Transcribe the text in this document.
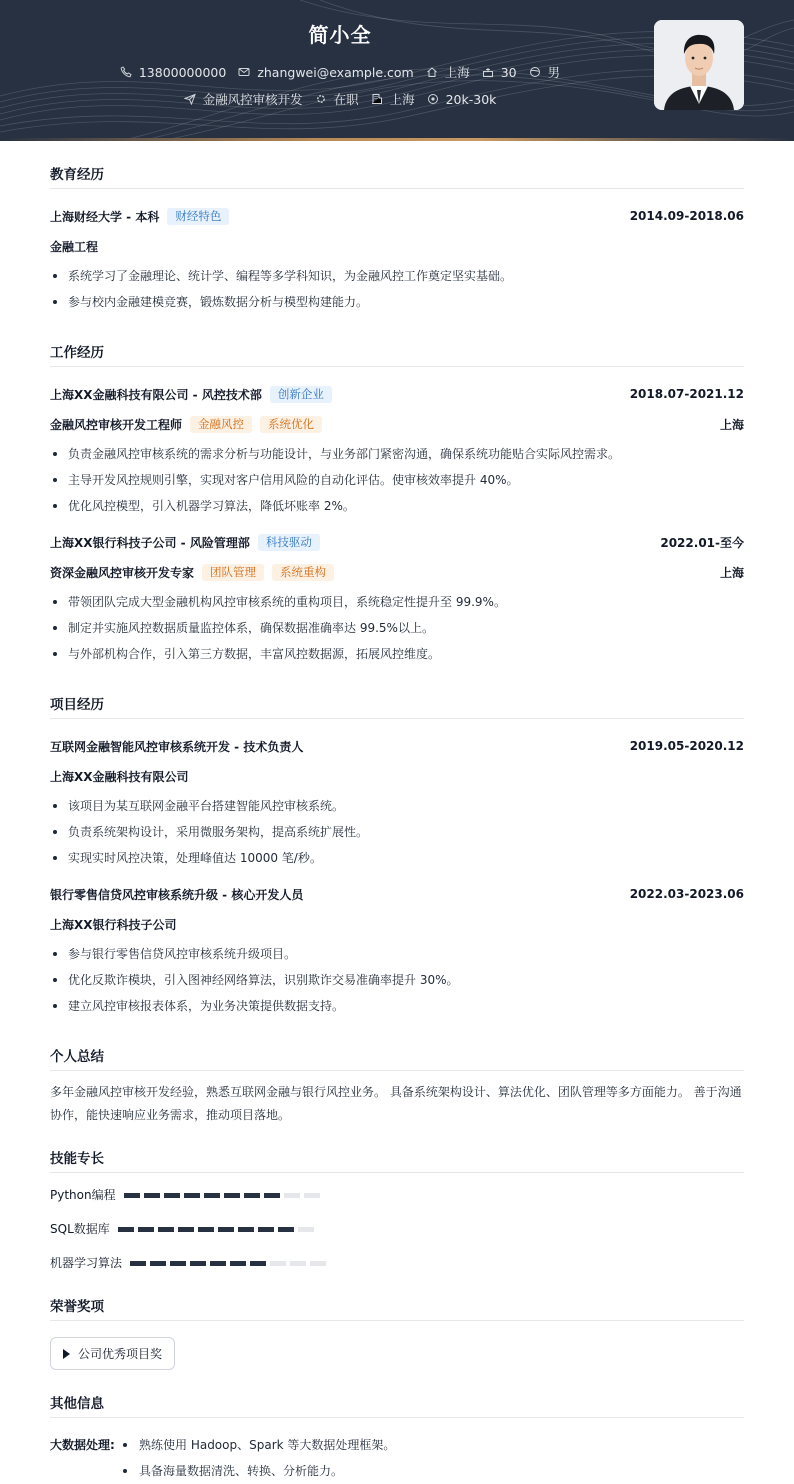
简小全
13800000000 zhangwei@example.com 上海 30 男
金融风控审核开发 在职 上海 20k-30k
教育经历
上海财经大学 - 本科	财经特色	2014.09-2018.06
金融工程
系统学习了金融理论、统计学、编程等多学科知识，为金融风控工作奠定坚实基础。
参与校内金融建模竞赛，锻炼数据分析与模型构建能力。
工作经历
上海XX金融科技有限公司 - 风控技术部	创新企业	2018.07-2021.12
金融风控审核开发工程师	金融风控	系统优化	上海
负责金融风控审核系统的需求分析与功能设计，与业务部门紧密沟通，确保系统功能贴合实际风控需求。
主导开发风控规则引擎，实现对客户信用风险的自动化评估。使审核效率提升 40%。
优化风控模型，引入机器学习算法，降低坏账率 2%。
上海XX银行科技子公司 - 风险管理部	科技驱动	2022.01-至今
资深金融风控审核开发专家	团队管理	系统重构	上海
带领团队完成大型金融机构风控审核系统的重构项目，系统稳定性提升至 99.9%。
制定并实施风控数据质量监控体系，确保数据准确率达 99.5%以上。
与外部机构合作，引入第三方数据，丰富风控数据源，拓展风控维度。
项目经历
互联网金融智能风控审核系统开发 - 技术负责人	2019.05-2020.12
上海XX金融科技有限公司
该项目为某互联网金融平台搭建智能风控审核系统。
负责系统架构设计，采用微服务架构，提高系统扩展性。
实现实时风控决策，处理峰值达 10000 笔/秒。
银行零售信贷风控审核系统升级 - 核心开发人员	2022.03-2023.06
上海XX银行科技子公司
参与银行零售信贷风控审核系统升级项目。
优化反欺诈模块，引入图神经网络算法，识别欺诈交易准确率提升 30%。
建立风控审核报表体系，为业务决策提供数据支持。
个人总结

多年金融风控审核开发经验，熟悉互联网金融与银行风控业务。 具备系统架构设计、算法优化、团队管理等多方面能力。 善于沟通协作，能快速响应业务需求，推动项目落地。

技能专长
Python编程
SQL数据库
机器学习算法
荣誉奖项
公司优秀项目奖
其他信息
大数据处理:	熟练使用 Hadoop、Spark 等大数据处理框架。
具备海量数据清洗、转换、分析能力。
